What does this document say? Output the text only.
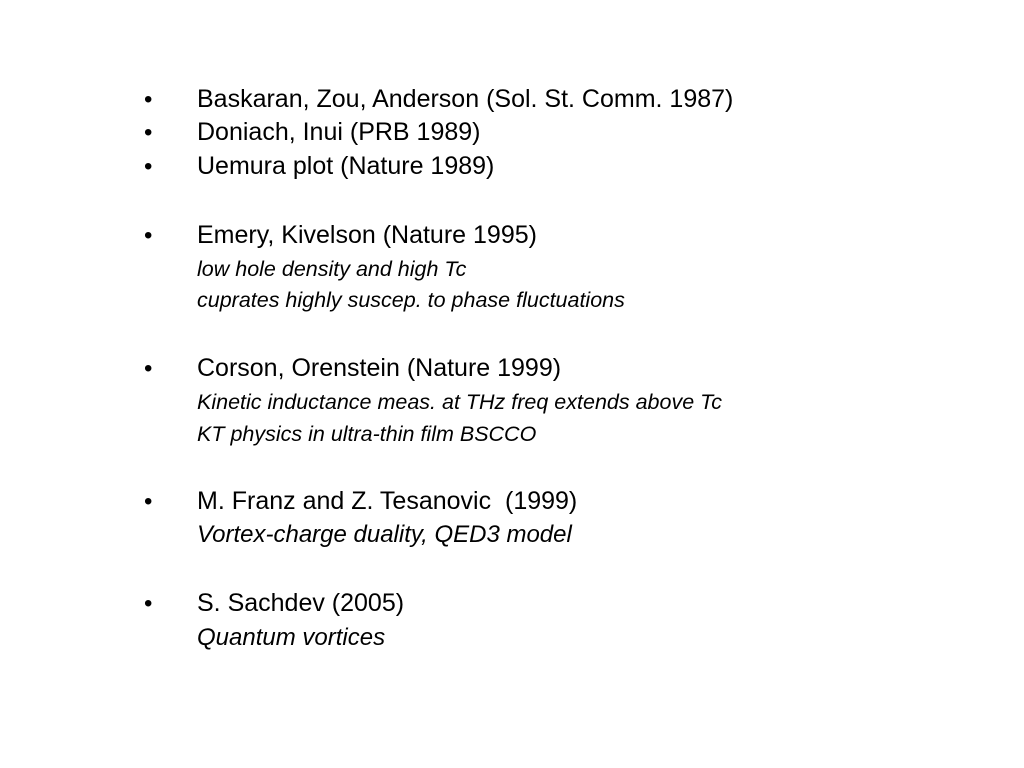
• Baskaran, Zou, Anderson (Sol. St. Comm. 1987)
• Doniach, Inui (PRB 1989)
• Uemura plot (Nature 1989)
• Emery, Kivelson (Nature 1995)
low hole density and high Tc
cuprates highly suscep. to phase fluctuations
• Corson, Orenstein (Nature 1999)
Kinetic inductance meas. at THz freq extends above Tc
KT physics in ultra-thin film BSCCO
• M. Franz and Z. Tesanovic  (1999)
Vortex-charge duality, QED3 model
• S. Sachdev (2005)
Quantum vortices
